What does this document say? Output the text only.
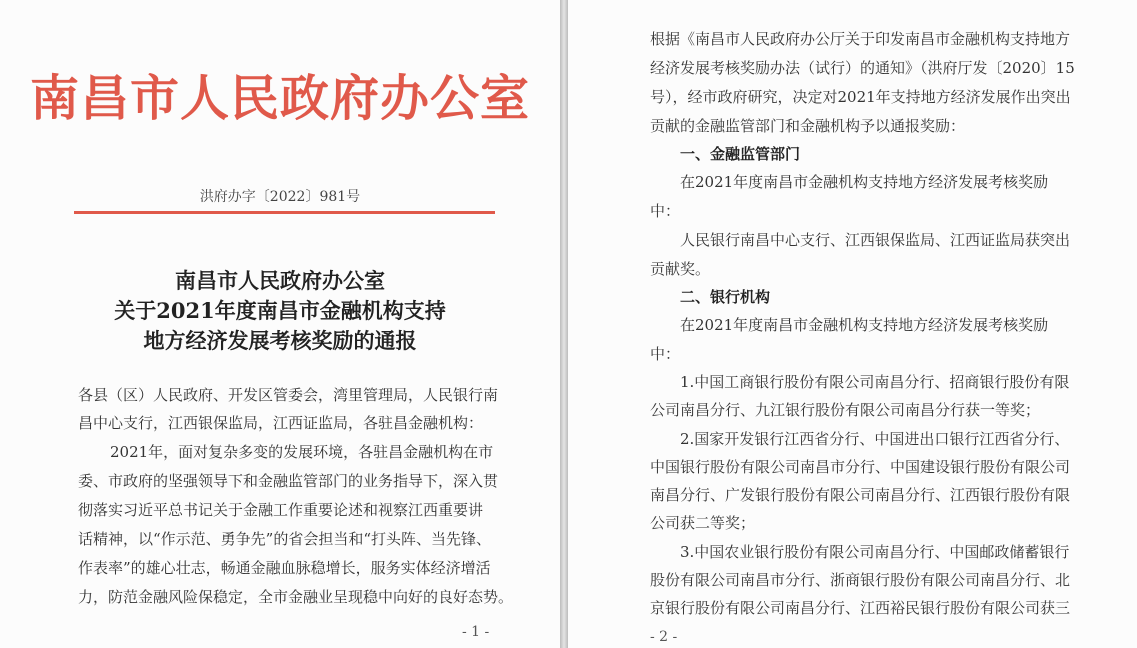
南昌市人民政府办公室
洪府办字〔2022〕981号
南昌市人民政府办公室
关于2021年度南昌市金融机构支持
地方经济发展考核奖励的通报
各县（区）人民政府、开发区管委会，湾里管理局，人民银行南
昌中心支行，江西银保监局，江西证监局，各驻昌金融机构：
2021年，面对复杂多变的发展环境，各驻昌金融机构在市
委、市政府的坚强领导下和金融监管部门的业务指导下，深入贯
彻落实习近平总书记关于金融工作重要论述和视察江西重要讲
话精神，以“作示范、勇争先”的省会担当和“打头阵、当先锋、
作表率”的雄心壮志，畅通金融血脉稳增长，服务实体经济增活
力，防范金融风险保稳定，全市金融业呈现稳中向好的良好态势。
- 1 -
根据《南昌市人民政府办公厅关于印发南昌市金融机构支持地方
经济发展考核奖励办法（试行）的通知》（洪府厅发〔2020〕15
号），经市政府研究，决定对2021年支持地方经济发展作出突出
贡献的金融监管部门和金融机构予以通报奖励：
一、金融监管部门
在2021年度南昌市金融机构支持地方经济发展考核奖励
中：
人民银行南昌中心支行、江西银保监局、江西证监局获突出
贡献奖。
二、银行机构
在2021年度南昌市金融机构支持地方经济发展考核奖励
中：
1.中国工商银行股份有限公司南昌分行、招商银行股份有限
公司南昌分行、九江银行股份有限公司南昌分行获一等奖；
2.国家开发银行江西省分行、中国进出口银行江西省分行、
中国银行股份有限公司南昌市分行、中国建设银行股份有限公司
南昌分行、广发银行股份有限公司南昌分行、江西银行股份有限
公司获二等奖；
3.中国农业银行股份有限公司南昌分行、中国邮政储蓄银行
股份有限公司南昌市分行、浙商银行股份有限公司南昌分行、北
京银行股份有限公司南昌分行、江西裕民银行股份有限公司获三
- 2 -
